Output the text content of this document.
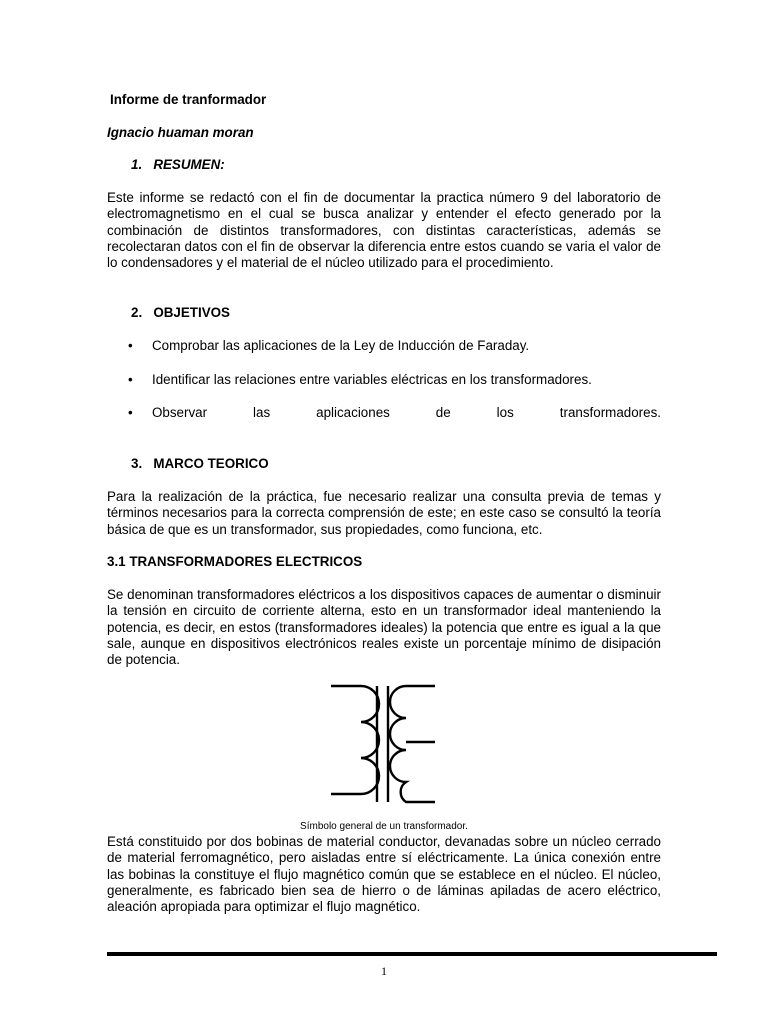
Informe de tranformador
Ignacio huaman moran
1.   RESUMEN:
Este informe se redactó con el fin de documentar la practica número 9 del laboratorio de electromagnetismo en el cual se busca analizar y entender el efecto generado por la combinación de distintos transformadores, con distintas características, además se recolectaran datos con el fin de observar la diferencia entre estos cuando se varia el valor de lo condensadores y el material de el núcleo utilizado para el procedimiento.
2.   OBJETIVOS
• Comprobar las aplicaciones de la Ley de Inducción de Faraday.
• Identificar las relaciones entre variables eléctricas en los transformadores.
• Observar las aplicaciones de los transformadores.
3.   MARCO TEORICO
Para la realización de la práctica, fue necesario realizar una consulta previa de temas y términos necesarios para la correcta comprensión de este; en este caso se consultó la teoría básica de que es un transformador, sus propiedades, como funciona, etc.
3.1 TRANSFORMADORES ELECTRICOS
Se denominan transformadores eléctricos a los dispositivos capaces de aumentar o disminuir la tensión en circuito de corriente alterna, esto en un transformador ideal manteniendo la potencia, es decir, en estos (transformadores ideales) la potencia que entre es igual a la que sale, aunque en dispositivos electrónicos reales existe un porcentaje mínimo de disipación de potencia.
Símbolo general de un transformador.
Está constituido por dos bobinas de material conductor, devanadas sobre un núcleo cerrado de material ferromagnético, pero aisladas entre sí eléctricamente. La única conexión entre las bobinas la constituye el flujo magnético común que se establece en el núcleo. El núcleo, generalmente, es fabricado bien sea de hierro o de láminas apiladas de acero eléctrico, aleación apropiada para optimizar el flujo magnético.
1
